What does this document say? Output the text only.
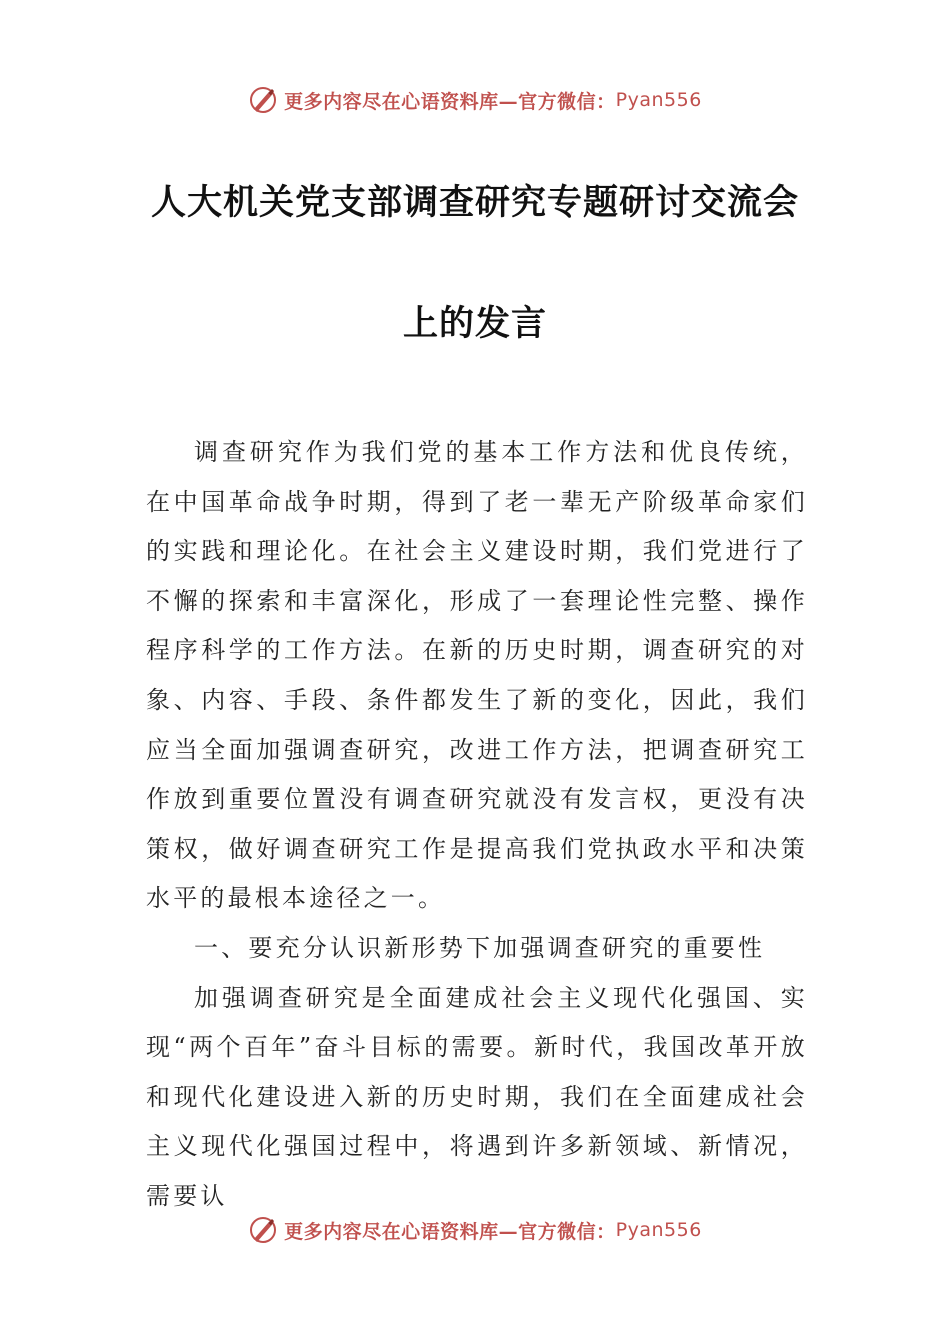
更多内容尽在心语资料库—官方微信： Pyan556
人大机关党支部调查研究专题研讨交流会
上的发言

调查研究作为我们党的基本工作方法和优良传统，在中国革命战争时期，得到了老一辈无产阶级革命家们的实践和理论化。在社会主义建设时期，我们党进行了不懈的探索和丰富深化，形成了一套理论性完整、操作程序科学的工作方法。在新的历史时期，调查研究的对象、内容、手段、条件都发生了新的变化，因此，我们应当全面加强调查研究，改进工作方法，把调查研究工作放到重要位置没有调查研究就没有发言权，更没有决策权，做好调查研究工作是提高我们党执政水平和决策水平的最根本途径之一。

一、要充分认识新形势下加强调查研究的重要性

加强调查研究是全面建成社会主义现代化强国、实现“两个百年”奋斗目标的需要。新时代，我国改革开放和现代化建设进入新的历史时期，我们在全面建成社会主义现代化强国过程中，将遇到许多新领域、新情况，需要认

更多内容尽在心语资料库—官方微信： Pyan556
